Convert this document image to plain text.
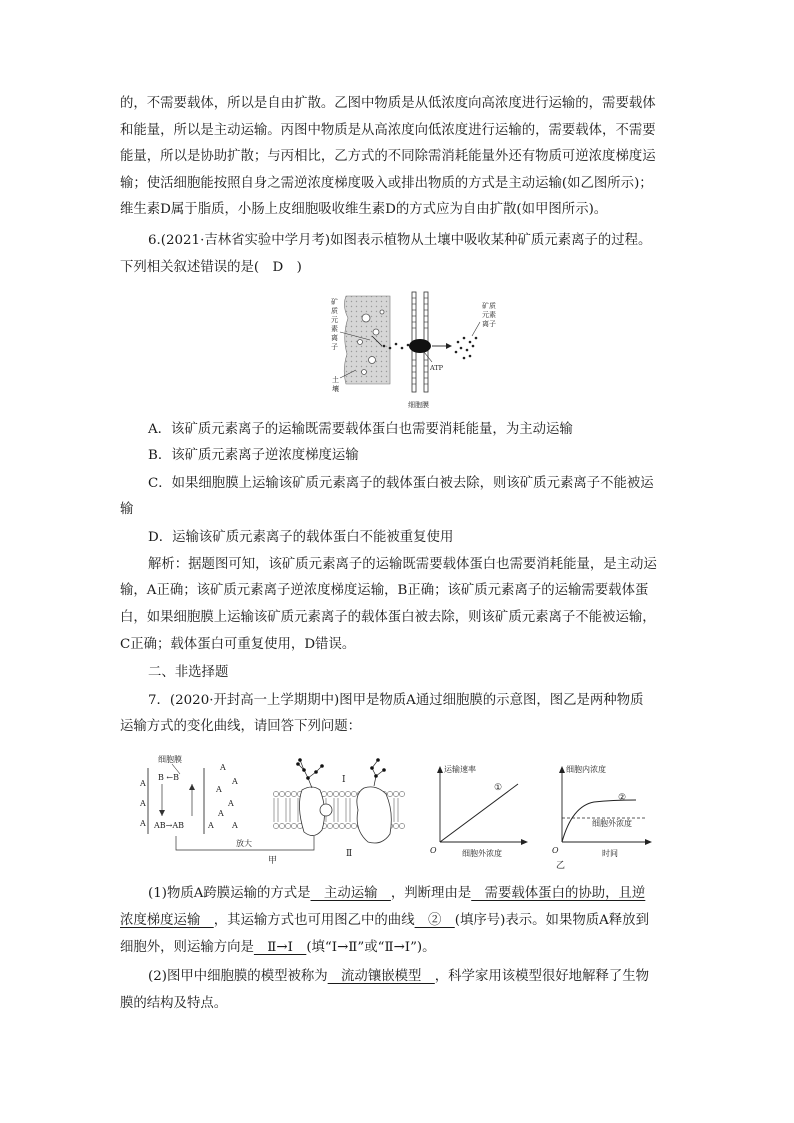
的，不需要载体，所以是自由扩散。乙图中物质是从低浓度向高浓度进行运输的，需要载体

和能量，所以是主动运输。丙图中物质是从高浓度向低浓度进行运输的，需要载体，不需要

能量，所以是协助扩散；与丙相比，乙方式的不同除需消耗能量外还有物质可逆浓度梯度运

输；使活细胞能按照自身之需逆浓度梯度吸入或排出物质的方式是主动运输(如乙图所示)；

维生素D属于脂质，小肠上皮细胞吸收维生素D的方式应为自由扩散(如甲图所示)。

6.(2021·吉林省实验中学月考)如图表示植物从土壤中吸收某种矿质元素离子的过程。

下列相关叙述错误的是(　D　)

矿
质
元
素
离
子
土
壤
ATP
细胞膜
矿质
元素
离子

A．该矿质元素离子的运输既需要载体蛋白也需要消耗能量，为主动运输

B．该矿质元素离子逆浓度梯度运输

C．如果细胞膜上运输该矿质元素离子的载体蛋白被去除，则该矿质元素离子不能被运

输

D．运输该矿质元素离子的载体蛋白不能被重复使用

解析：据题图可知，该矿质元素离子的运输既需要载体蛋白也需要消耗能量，是主动运

输，A正确；该矿质元素离子逆浓度梯度运输，B正确；该矿质元素离子的运输需要载体蛋

白，如果细胞膜上运输该矿质元素离子的载体蛋白被去除，则该矿质元素离子不能被运输，

C正确；载体蛋白可重复使用，D错误。

二、非选择题

7．(2020·开封高一上学期期中)图甲是物质A通过细胞膜的示意图，图乙是两种物质

运输方式的变化曲线，请回答下列问题：

细胞膜
A
A
A
B ←B
AB→AB
A
A
A
A
A
A
A
放大
Ⅰ
Ⅱ
甲
运输速率
细胞外浓度
O
①
细胞内浓度
时间
O
细胞外浓度
②
乙

(1)物质A跨膜运输的方式是　主动运输　，判断理由是　需要载体蛋白的协助，且逆

浓度梯度运输　，其运输方式也可用图乙中的曲线　②　(填序号)表示。如果物质A释放到

细胞外，则运输方向是　Ⅱ→Ⅰ　(填“Ⅰ→Ⅱ”或“Ⅱ→Ⅰ”)。

(2)图甲中细胞膜的模型被称为　流动镶嵌模型　，科学家用该模型很好地解释了生物

膜的结构及特点。
